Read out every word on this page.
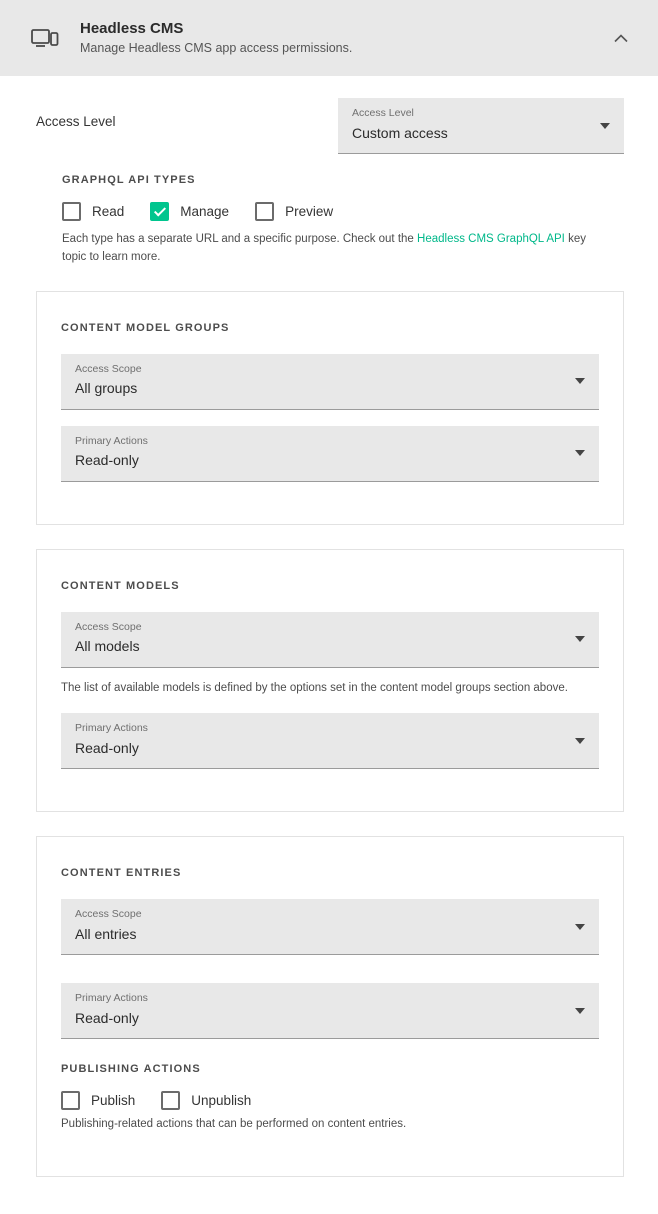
Headless CMS
Manage Headless CMS app access permissions.
Access Level
Access Level
Custom access
GRAPHQL API TYPES
Read	Manage	Preview
Each type has a separate URL and a specific purpose. Check out the Headless CMS GraphQL API key topic to learn more.
CONTENT MODEL GROUPS
Access Scope
All groups
Primary Actions
Read-only
CONTENT MODELS
Access Scope
All models
The list of available models is defined by the options set in the content model groups section above.
Primary Actions
Read-only
CONTENT ENTRIES
Access Scope
All entries
Primary Actions
Read-only
PUBLISHING ACTIONS
Publish	Unpublish
Publishing-related actions that can be performed on content entries.
